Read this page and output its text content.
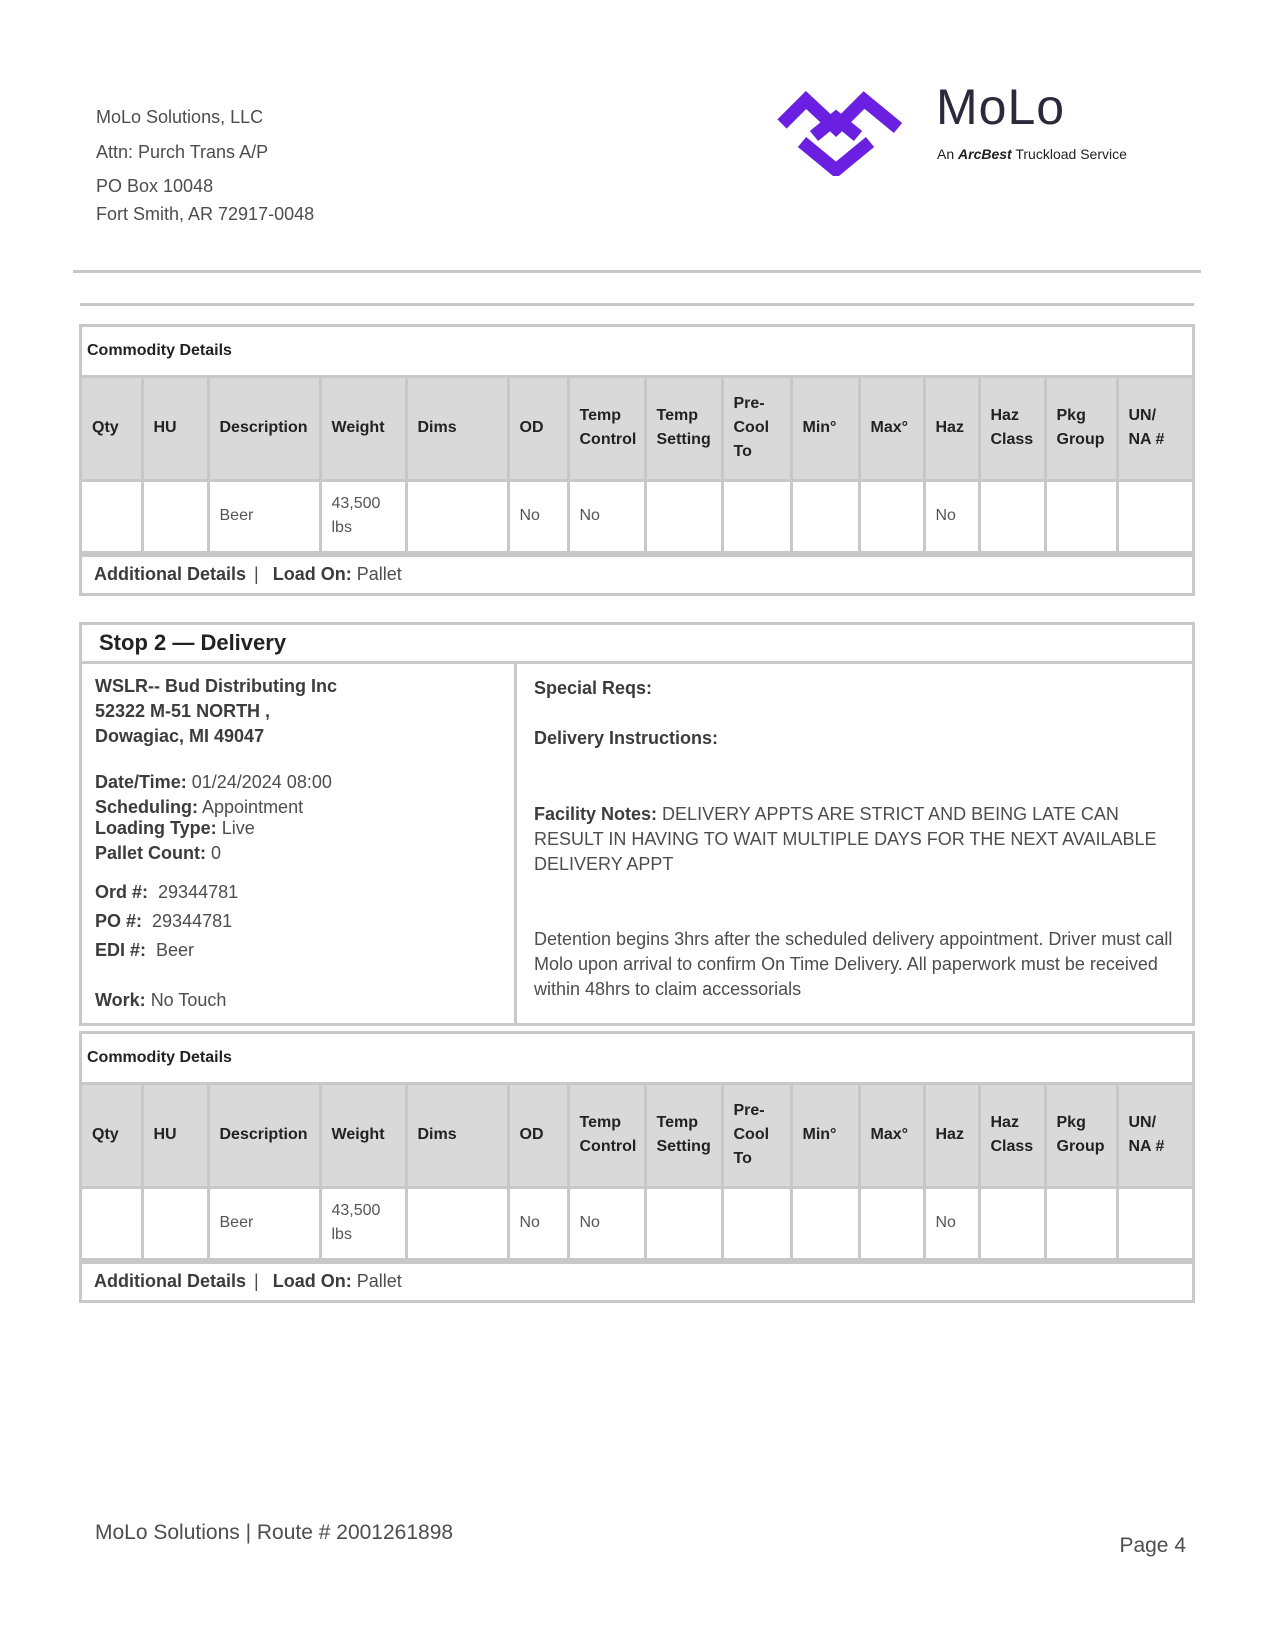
MoLo Solutions, LLC
Attn: Purch Trans A/P
PO Box 10048
Fort Smith, AR 72917-0048
MoLo
An ArcBest Truckload Service
Commodity Details
Qty	HU	Description	Weight	Dims	OD	Temp Control	Temp Setting	Pre-Cool To	Min°	Max°	Haz	Haz Class	Pkg Group	UN/ NA #
		Beer	43,500 lbs		No	No					No			
Additional Details | Load On:
Pallet
Stop 2 — Delivery
WSLR-- Bud Distributing Inc
52322 M-51 NORTH ,
Dowagiac, MI 49047
Date/Time: 01/24/2024 08:00
Scheduling: Appointment
Loading Type: Live
Pallet Count: 0
Ord #: 29344781
PO #: 29344781
EDI #: Beer
Work: No Touch
Special Reqs:
Delivery Instructions:
Facility Notes: DELIVERY APPTS ARE STRICT AND BEING LATE CAN RESULT IN HAVING TO WAIT MULTIPLE DAYS FOR THE NEXT AVAILABLE DELIVERY APPT
Detention begins 3hrs after the scheduled delivery appointment. Driver must call Molo upon arrival to confirm On Time Delivery. All paperwork must be received within 48hrs to claim accessorials
Commodity Details
Qty	HU	Description	Weight	Dims	OD	Temp Control	Temp Setting	Pre-Cool To	Min°	Max°	Haz	Haz Class	Pkg Group	UN/ NA #
		Beer	43,500 lbs		No	No					No			
Additional Details | Load On:
Pallet
MoLo Solutions | Route # 2001261898
Page 4
